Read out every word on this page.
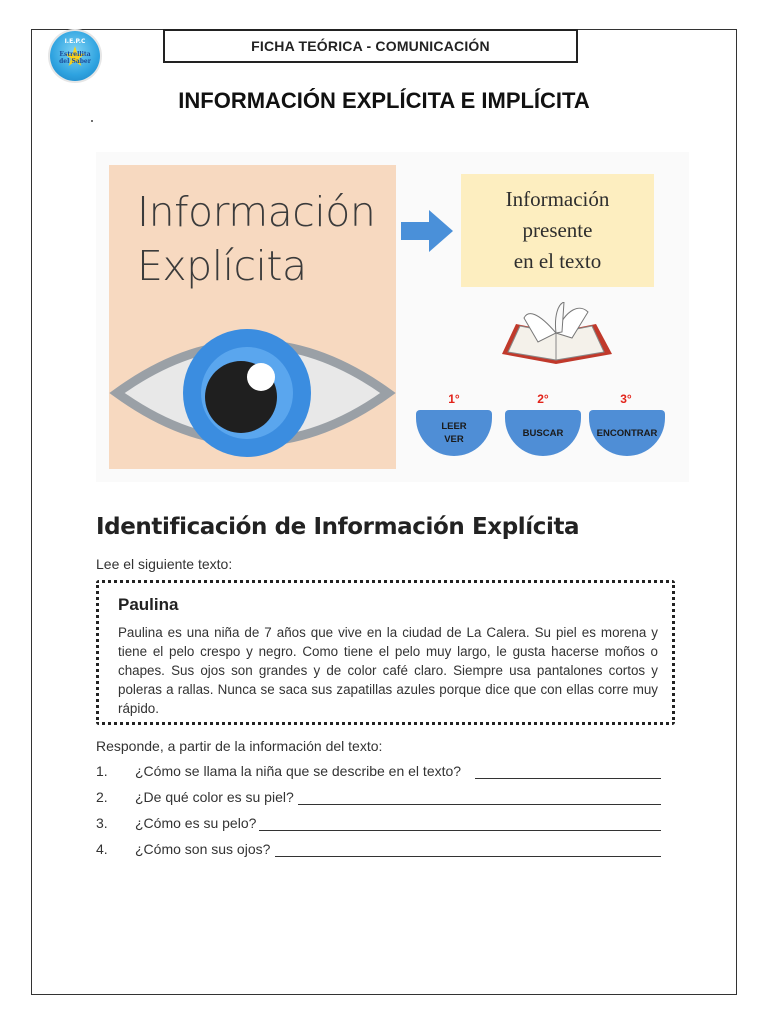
I.E.P.C
Estrellita del Saber
FICHA TEÓRICA - COMUNICACIÓN
INFORMACIÓN EXPLÍCITA E IMPLÍCITA
Información
Explícita
Información
presente
en el texto
1°
LEER
VER
2°
BUSCAR
3°
ENCONTRAR
Identificación de Información Explícita
Lee el siguiente texto:
Paulina
Paulina es una niña de 7 años que vive en la ciudad de La Calera. Su piel es morena y tiene el pelo crespo y negro. Como tiene el pelo muy largo, le gusta hacerse moños o chapes. Sus ojos son grandes y de color café claro. Siempre usa pantalones cortos y poleras a rallas. Nunca se saca sus zapatillas azules porque dice que con ellas corre muy rápido.
Responde, a partir de la información del texto:
1.	¿Cómo se llama la niña que se describe en el texto?
2.	¿De qué color es su piel?
3.	¿Cómo es su pelo?
4.	¿Cómo son sus ojos?
